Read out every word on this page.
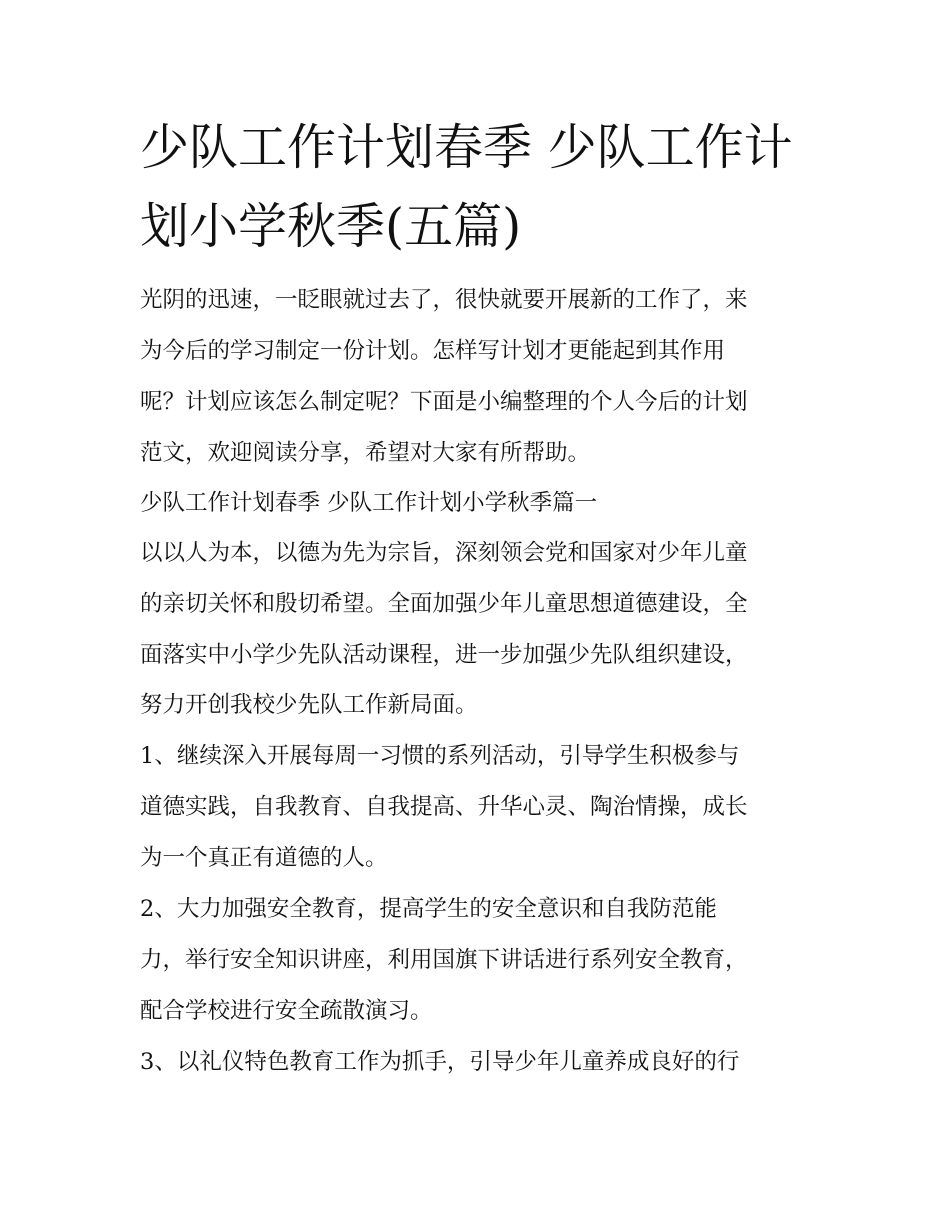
少队工作计划春季 少队工作计
划小学秋季(五篇)
光阴的迅速，一眨眼就过去了，很快就要开展新的工作了，来
为今后的学习制定一份计划。怎样写计划才更能起到其作用
呢？计划应该怎么制定呢？下面是小编整理的个人今后的计划
范文，欢迎阅读分享，希望对大家有所帮助。
少队工作计划春季 少队工作计划小学秋季篇一
以以人为本，以德为先为宗旨，深刻领会党和国家对少年儿童
的亲切关怀和殷切希望。全面加强少年儿童思想道德建设，全
面落实中小学少先队活动课程，进一步加强少先队组织建设，
努力开创我校少先队工作新局面。
1、继续深入开展每周一习惯的系列活动，引导学生积极参与
道德实践，自我教育、自我提高、升华心灵、陶治情操，成长
为一个真正有道德的人。
2、大力加强安全教育，提高学生的安全意识和自我防范能
力，举行安全知识讲座，利用国旗下讲话进行系列安全教育，
配合学校进行安全疏散演习。
3、以礼仪特色教育工作为抓手，引导少年儿童养成良好的行
